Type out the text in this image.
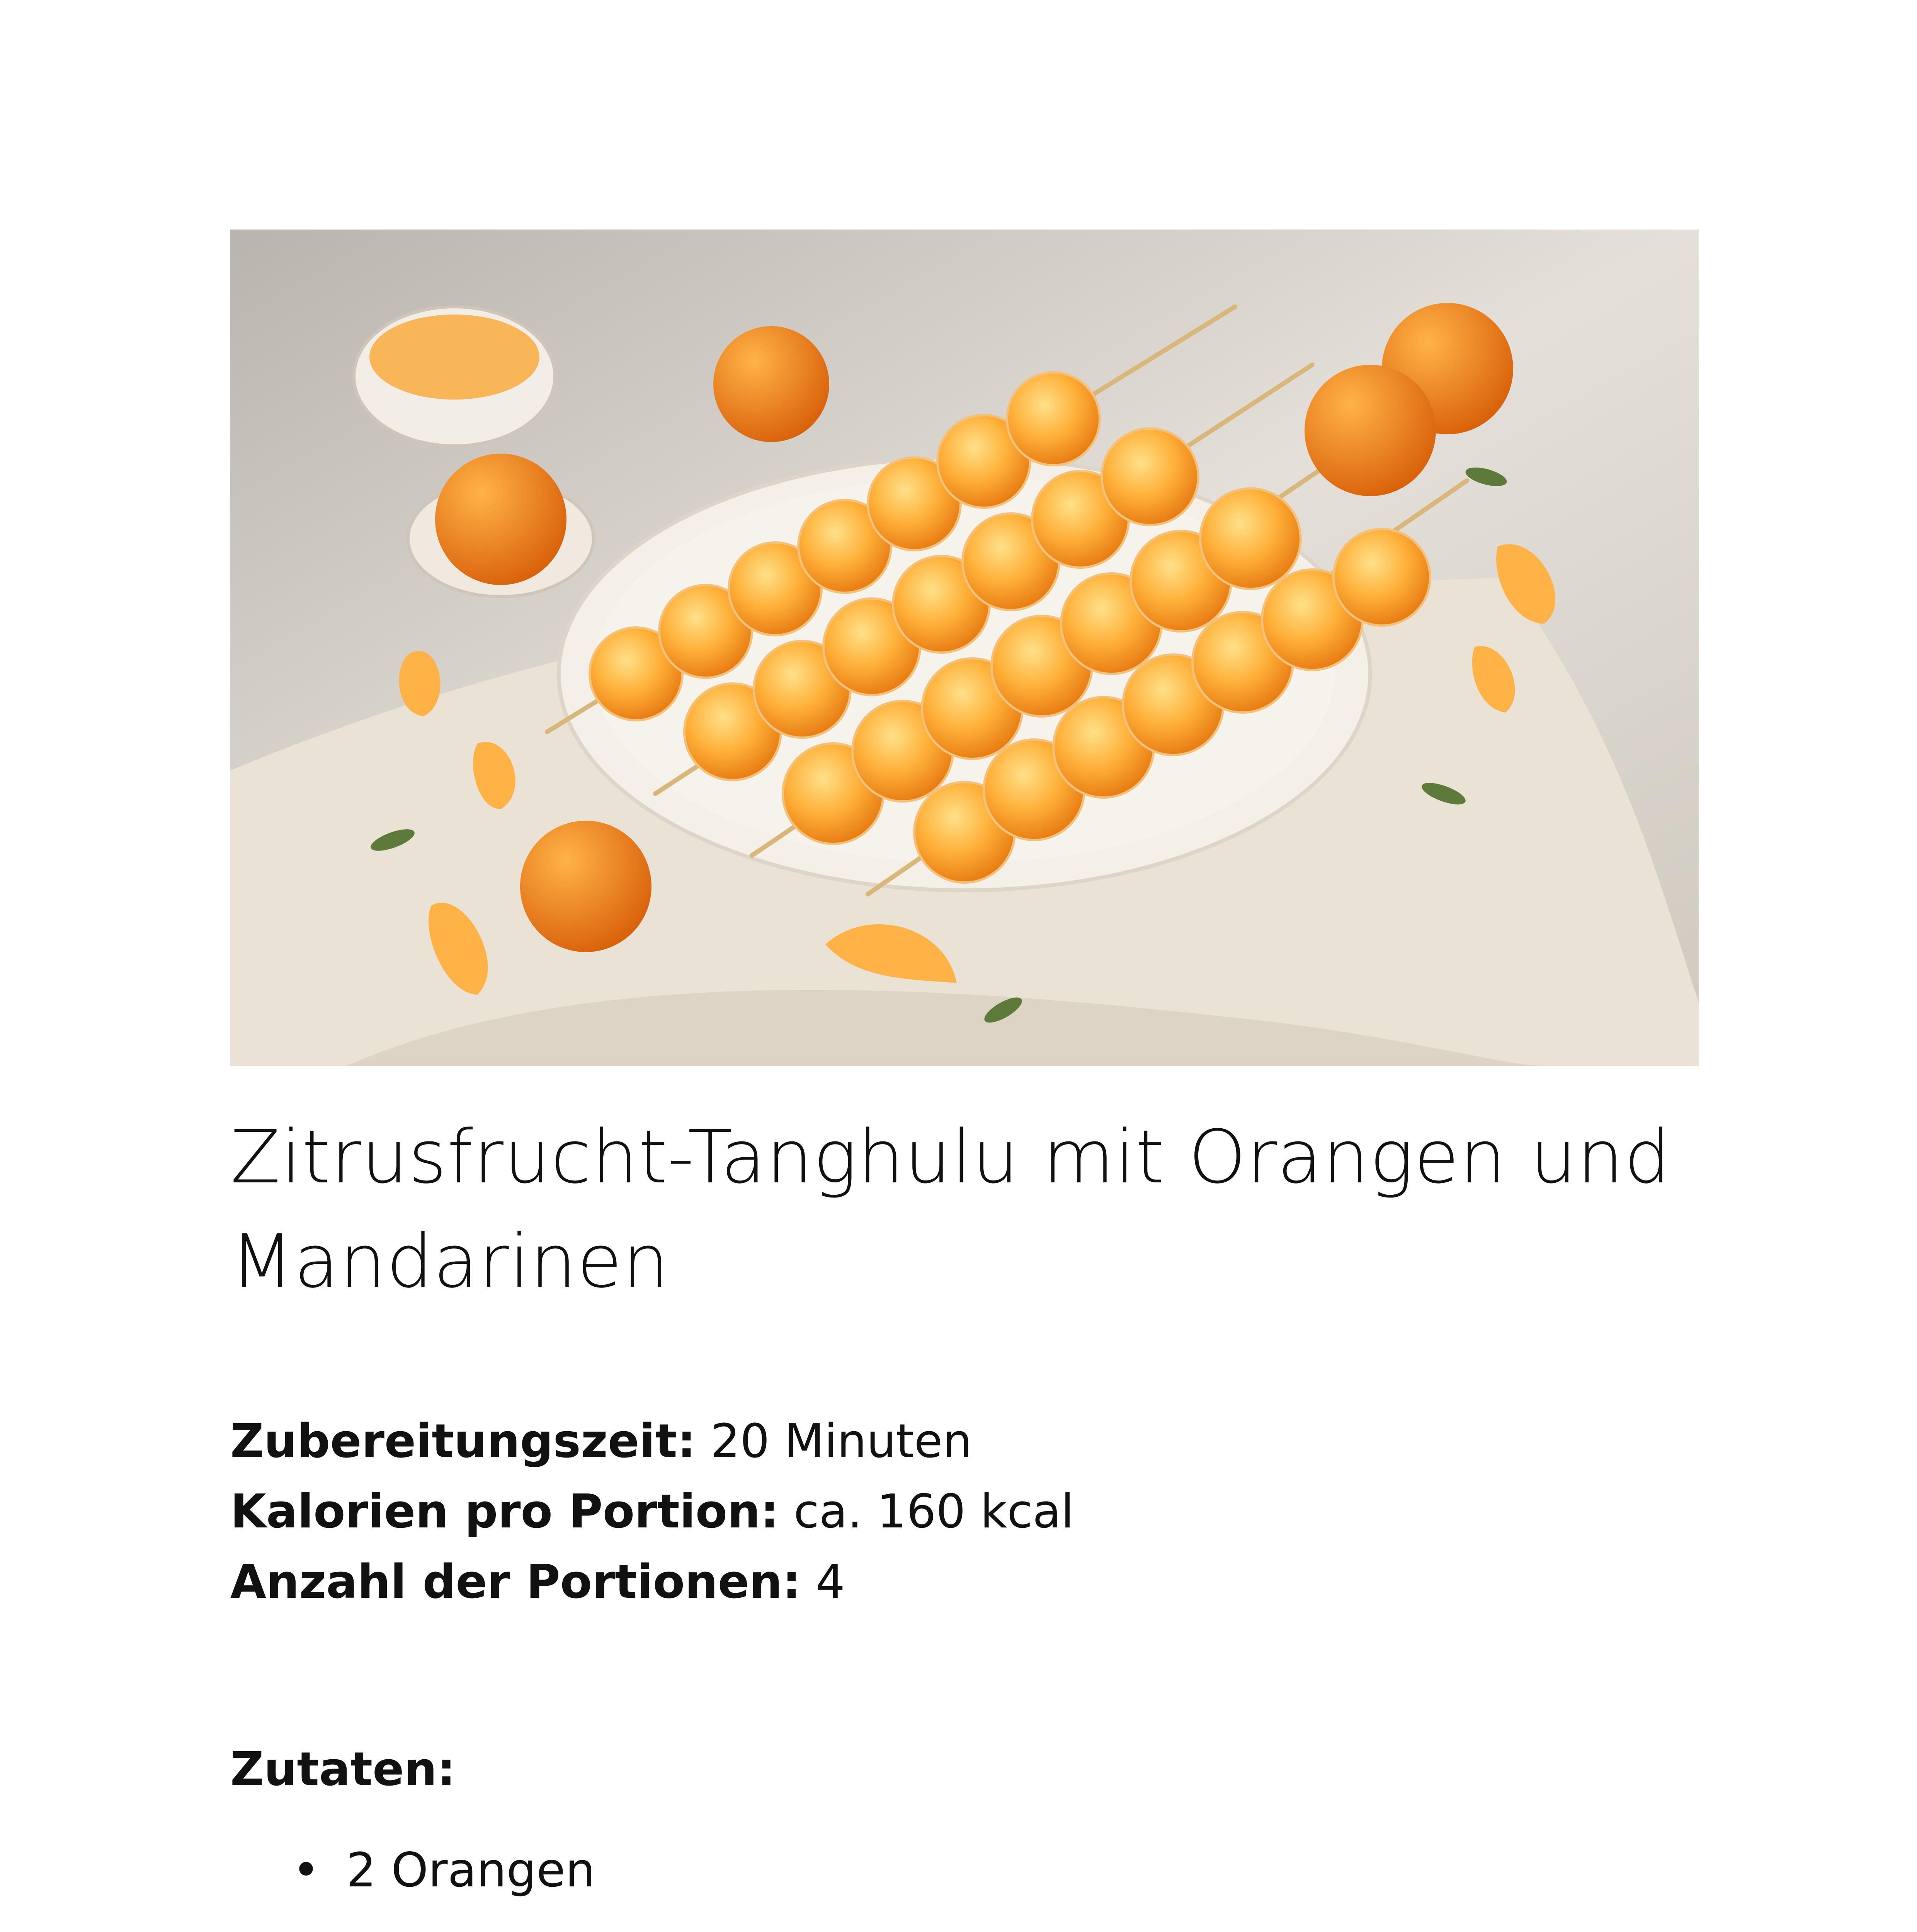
Zitrusfrucht-Tanghulu mit Orangen und Mandarinen
Zubereitungszeit: 20 Minuten
Kalorien pro Portion: ca. 160 kcal
Anzahl der Portionen: 4
Zutaten:
• 2 Orangen
